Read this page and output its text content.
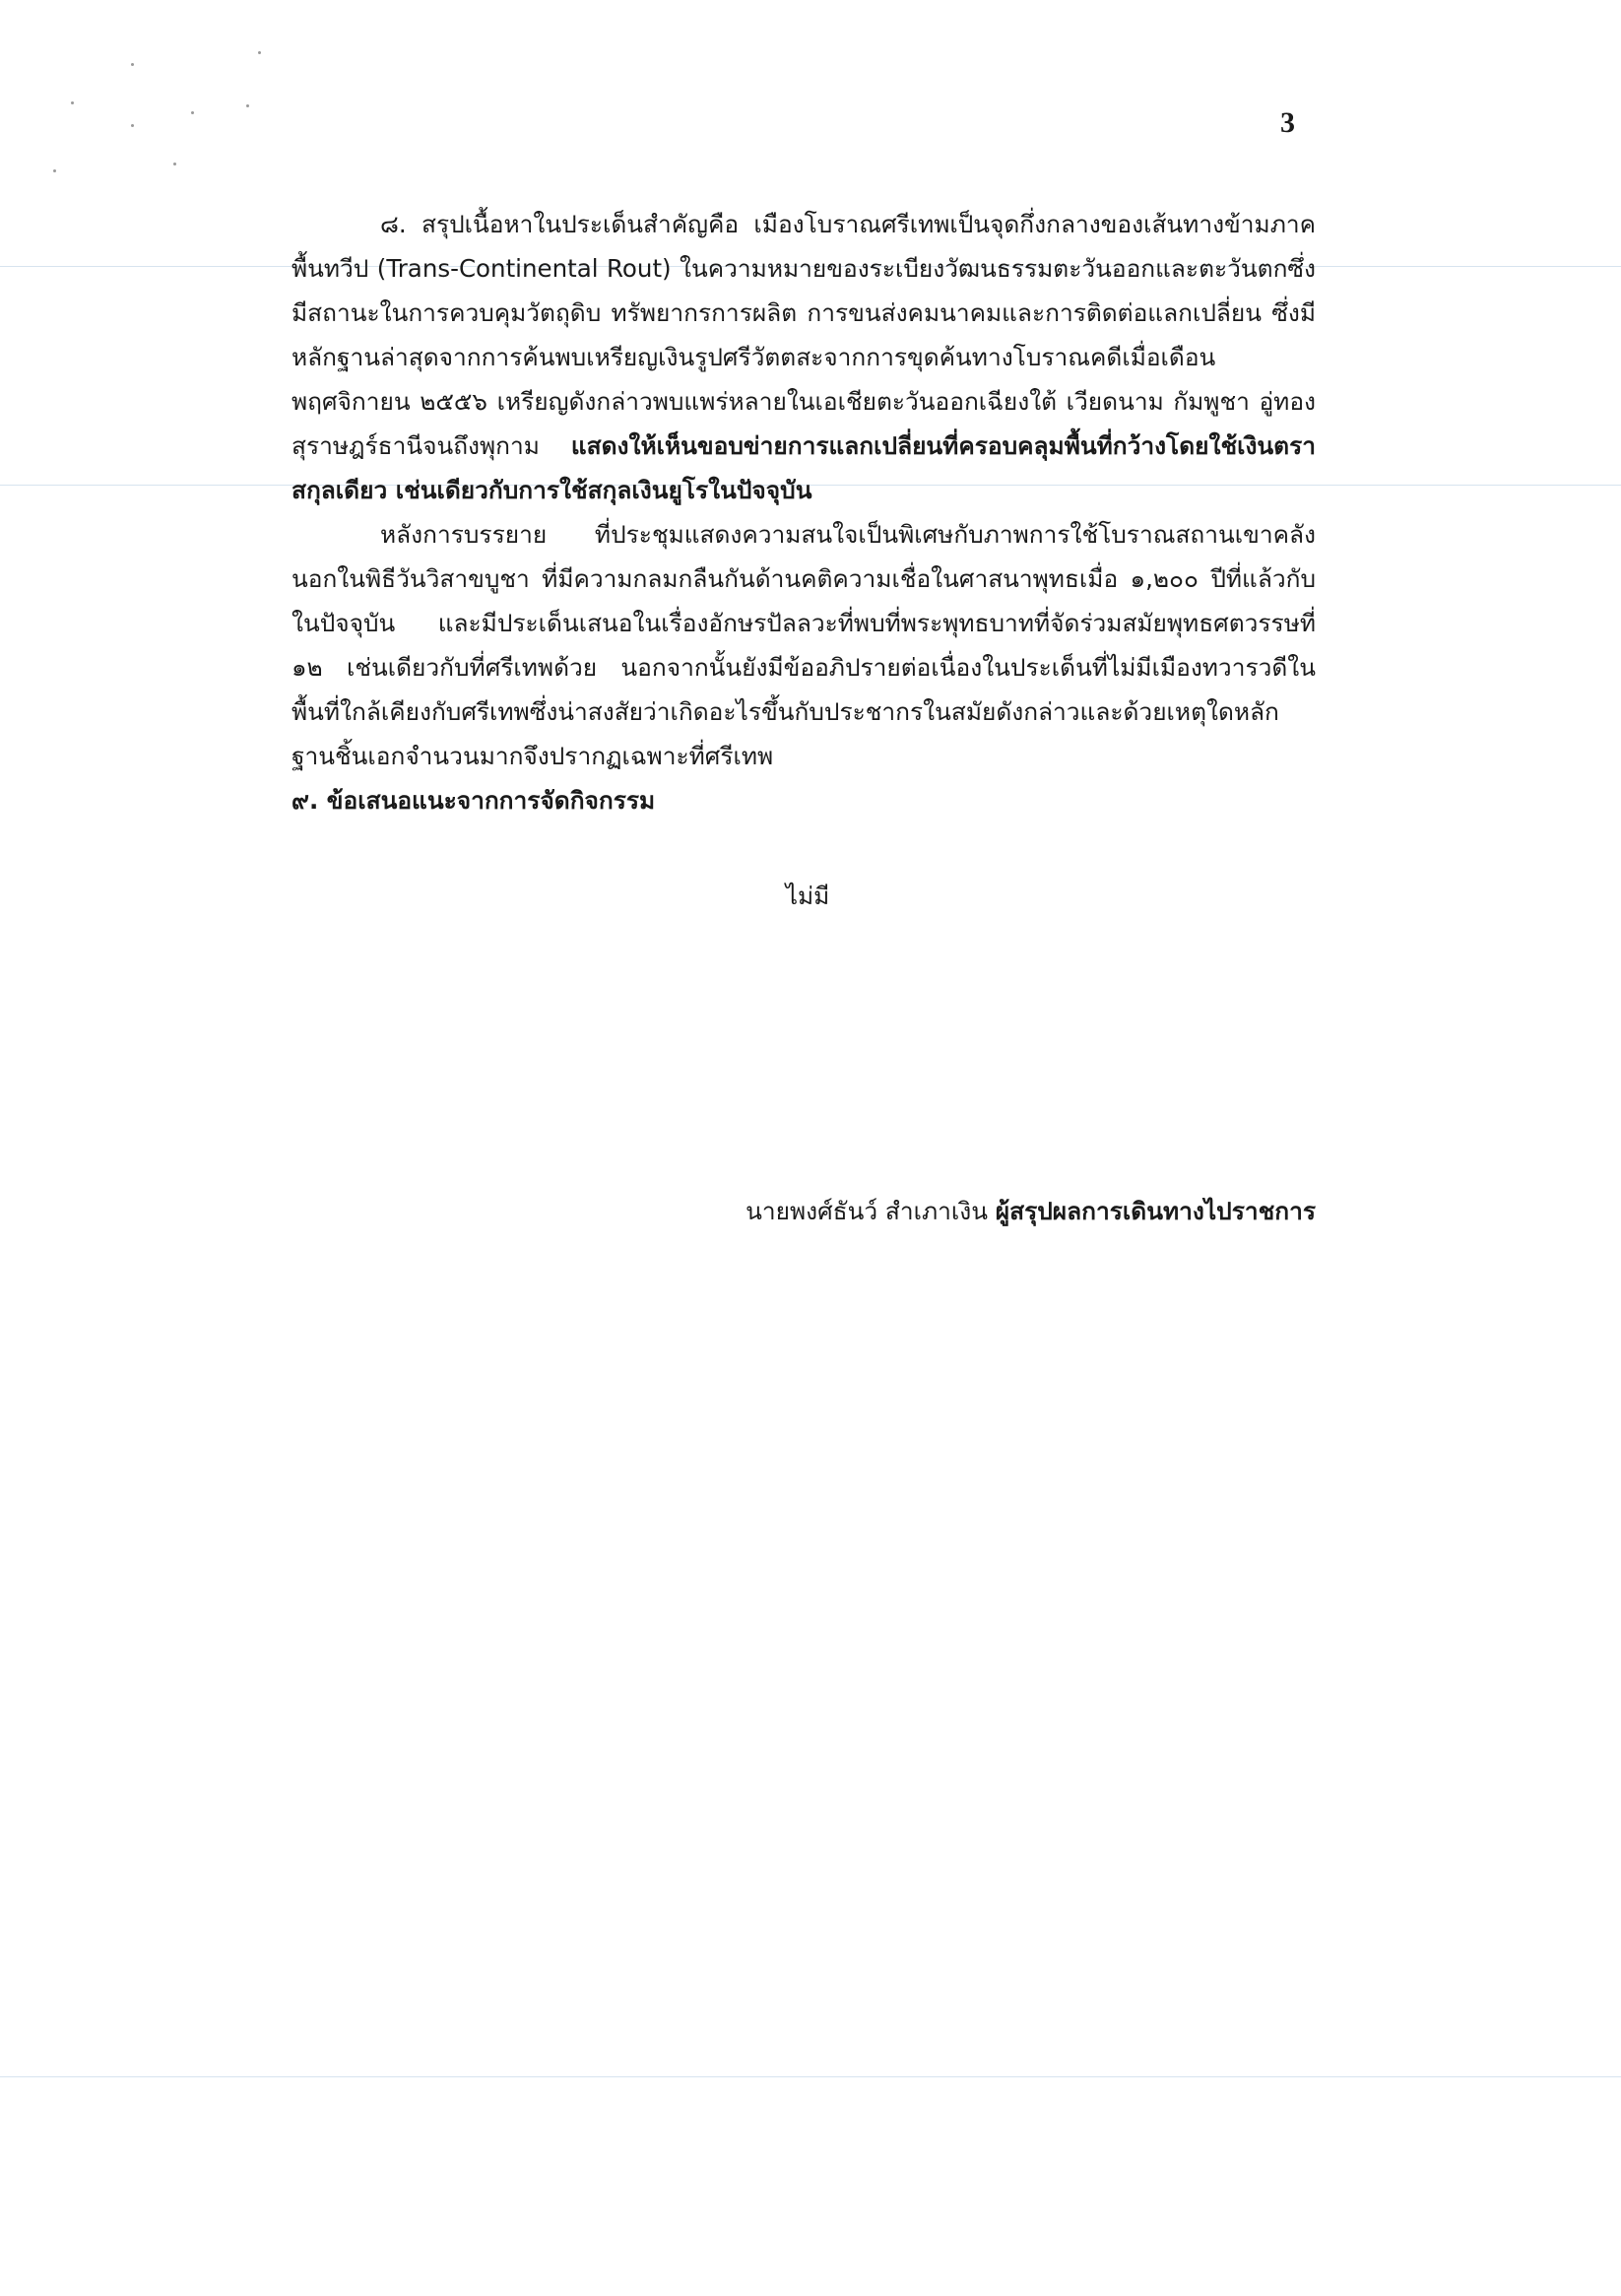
3

๘. สรุปเนื้อหาในประเด็นสำคัญคือ เมืองโบราณศรีเทพเป็นจุดกึ่งกลางของเส้นทางข้ามภาคพื้นทวีป (Trans-Continental Rout) ในความหมายของระเบียงวัฒนธรรมตะวันออกและตะวันตกซึ่งมีสถานะในการควบคุมวัตถุดิบ ทรัพยากรการผลิต การขนส่งคมนาคมและการติดต่อแลกเปลี่ยน ซึ่งมีหลักฐานล่าสุดจากการค้นพบเหรียญเงินรูปศรีวัตตสะจากการขุดค้นทางโบราณคดีเมื่อเดือนพฤศจิกายน ๒๕๕๖ เหรียญดังกล่าวพบแพร่หลายในเอเชียตะวันออกเฉียงใต้ เวียดนาม กัมพูชา อู่ทอง สุราษฎร์ธานีจนถึงพุกาม แสดงให้เห็นขอบข่ายการแลกเปลี่ยนที่ครอบคลุมพื้นที่กว้างโดยใช้เงินตราสกุลเดียว เช่นเดียวกับการใช้สกุลเงินยูโรในปัจจุบัน

หลังการบรรยาย ที่ประชุมแสดงความสนใจเป็นพิเศษกับภาพการใช้โบราณสถานเขาคลังนอกในพิธีวันวิสาขบูชา ที่มีความกลมกลืนกันด้านคติความเชื่อในศาสนาพุทธเมื่อ ๑,๒๐๐ ปีที่แล้วกับในปัจจุบัน และมีประเด็นเสนอในเรื่องอักษรปัลลวะที่พบที่พระพุทธบาทที่จัดร่วมสมัยพุทธศตวรรษที่ ๑๒ เช่นเดียวกับที่ศรีเทพด้วย นอกจากนั้นยังมีข้ออภิปรายต่อเนื่องในประเด็นที่ไม่มีเมืองทวารวดีในพื้นที่ใกล้เคียงกับศรีเทพซึ่งน่าสงสัยว่าเกิดอะไรขึ้นกับประชากรในสมัยดังกล่าวและด้วยเหตุใดหลักฐานชิ้นเอกจำนวนมากจึงปรากฏเฉพาะที่ศรีเทพ

๙. ข้อเสนอแนะจากการจัดกิจกรรม

ไม่มี
นายพงศ์ธันว์ สำเภาเงิน ผู้สรุปผลการเดินทางไปราชการ
